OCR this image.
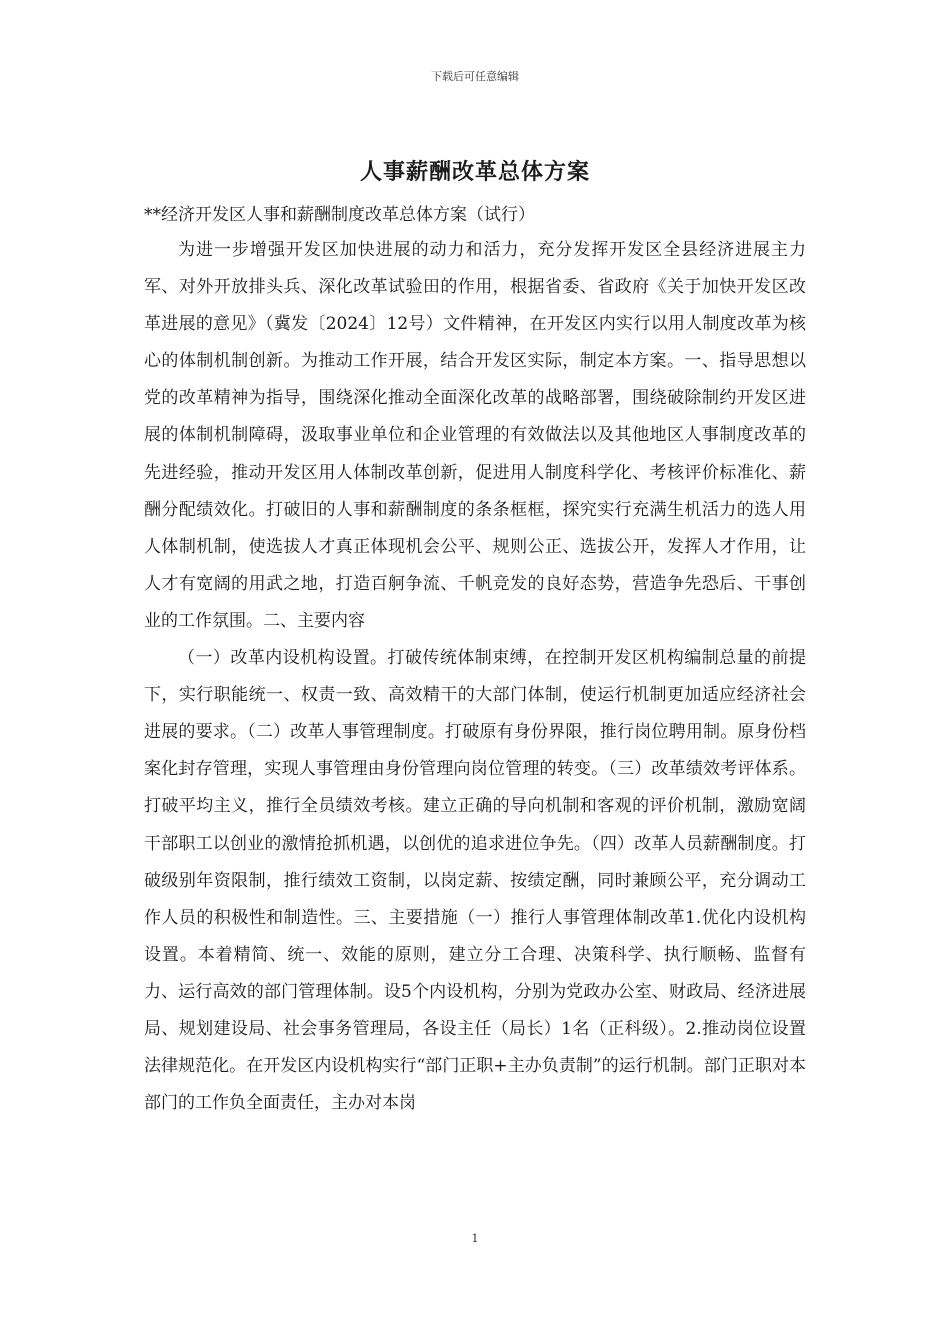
下载后可任意编辑
人事薪酬改革总体方案
**经济开发区人事和薪酬制度改革总体方案（试行）

为进一步增强开发区加快进展的动力和活力，充分发挥开发区全县经济进展主力军、对外开放排头兵、深化改革试验田的作用，根据省委、省政府《关于加快开发区改革进展的意见》（冀发〔2024〕12号）文件精神，在开发区内实行以用人制度改革为核心的体制机制创新。为推动工作开展，结合开发区实际，制定本方案。一、指导思想以党的改革精神为指导，围绕深化推动全面深化改革的战略部署，围绕破除制约开发区进展的体制机制障碍，汲取事业单位和企业管理的有效做法以及其他地区人事制度改革的先进经验，推动开发区用人体制改革创新，促进用人制度科学化、考核评价标准化、薪酬分配绩效化。打破旧的人事和薪酬制度的条条框框，探究实行充满生机活力的选人用人体制机制，使选拔人才真正体现机会公平、规则公正、选拔公开，发挥人才作用，让人才有宽阔的用武之地，打造百舸争流、千帆竞发的良好态势，营造争先恐后、干事创业的工作氛围。二、主要内容

（一）改革内设机构设置。打破传统体制束缚，在控制开发区机构编制总量的前提下，实行职能统一、权责一致、高效精干的大部门体制，使运行机制更加适应经济社会进展的要求。（二）改革人事管理制度。打破原有身份界限，推行岗位聘用制。原身份档案化封存管理，实现人事管理由身份管理向岗位管理的转变。（三）改革绩效考评体系。打破平均主义，推行全员绩效考核。建立正确的导向机制和客观的评价机制，激励宽阔干部职工以创业的激情抢抓机遇，以创优的追求进位争先。（四）改革人员薪酬制度。打破级别年资限制，推行绩效工资制，以岗定薪、按绩定酬，同时兼顾公平，充分调动工作人员的积极性和制造性。三、主要措施（一）推行人事管理体制改革1.优化内设机构设置。本着精简、统一、效能的原则，建立分工合理、决策科学、执行顺畅、监督有力、运行高效的部门管理体制。设5个内设机构，分别为党政办公室、财政局、经济进展局、规划建设局、社会事务管理局，各设主任（局长）1名（正科级）。2.推动岗位设置法律规范化。在开发区内设机构实行“部门正职+主办负责制”的运行机制。部门正职对本部门的工作负全面责任，主办对本岗

1
